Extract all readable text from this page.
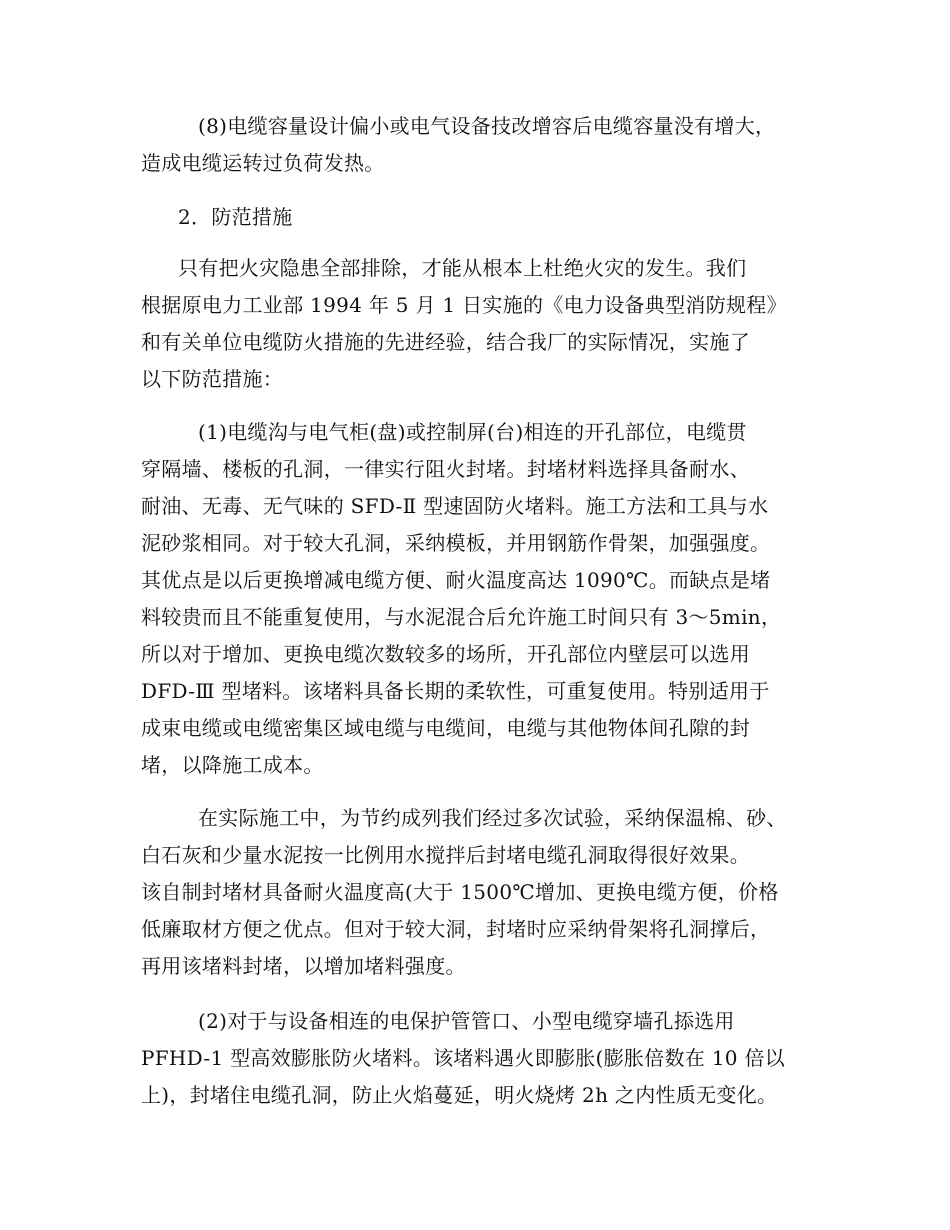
(8)电缆容量设计偏小或电气设备技改增容后电缆容量没有增大，
造成电缆运转过负荷发热。
2．防范措施
只有把火灾隐患全部排除，才能从根本上杜绝火灾的发生。我们
根据原电力工业部 1994 年 5 月 1 日实施的《电力设备典型消防规程》
和有关单位电缆防火措施的先进经验，结合我厂的实际情况，实施了
以下防范措施：
(1)电缆沟与电气柜(盘)或控制屏(台)相连的开孔部位，电缆贯
穿隔墙、楼板的孔洞，一律实行阻火封堵。封堵材料选择具备耐水、
耐油、无毒、无气味的 SFD-Ⅱ 型速固防火堵料。施工方法和工具与水
泥砂浆相同。对于较大孔洞，采纳模板，并用钢筋作骨架，加强强度。
其优点是以后更换增减电缆方便、耐火温度高达 1090℃。而缺点是堵
料较贵而且不能重复使用，与水泥混合后允许施工时间只有 3～5min，
所以对于增加、更换电缆次数较多的场所，开孔部位内壁层可以选用
DFD-Ⅲ 型堵料。该堵料具备长期的柔软性，可重复使用。特别适用于
成束电缆或电缆密集区域电缆与电缆间，电缆与其他物体间孔隙的封
堵，以降施工成本。
在实际施工中，为节约成列我们经过多次试验，采纳保温棉、砂、
白石灰和少量水泥按一比例用水搅拌后封堵电缆孔洞取得很好效果。
该自制封堵材具备耐火温度高(大于 1500℃增加、更换电缆方便，价格
低廉取材方便之优点。但对于较大洞，封堵时应采纳骨架将孔洞撑后，
再用该堵料封堵，以增加堵料强度。
(2)对于与设备相连的电保护管管口、小型电缆穿墙孔掭选用
PFHD-1 型高效膨胀防火堵料。该堵料遇火即膨胀(膨胀倍数在 10 倍以
上)，封堵住电缆孔洞，防止火焰蔓延，明火烧烤 2h 之内性质无变化。
